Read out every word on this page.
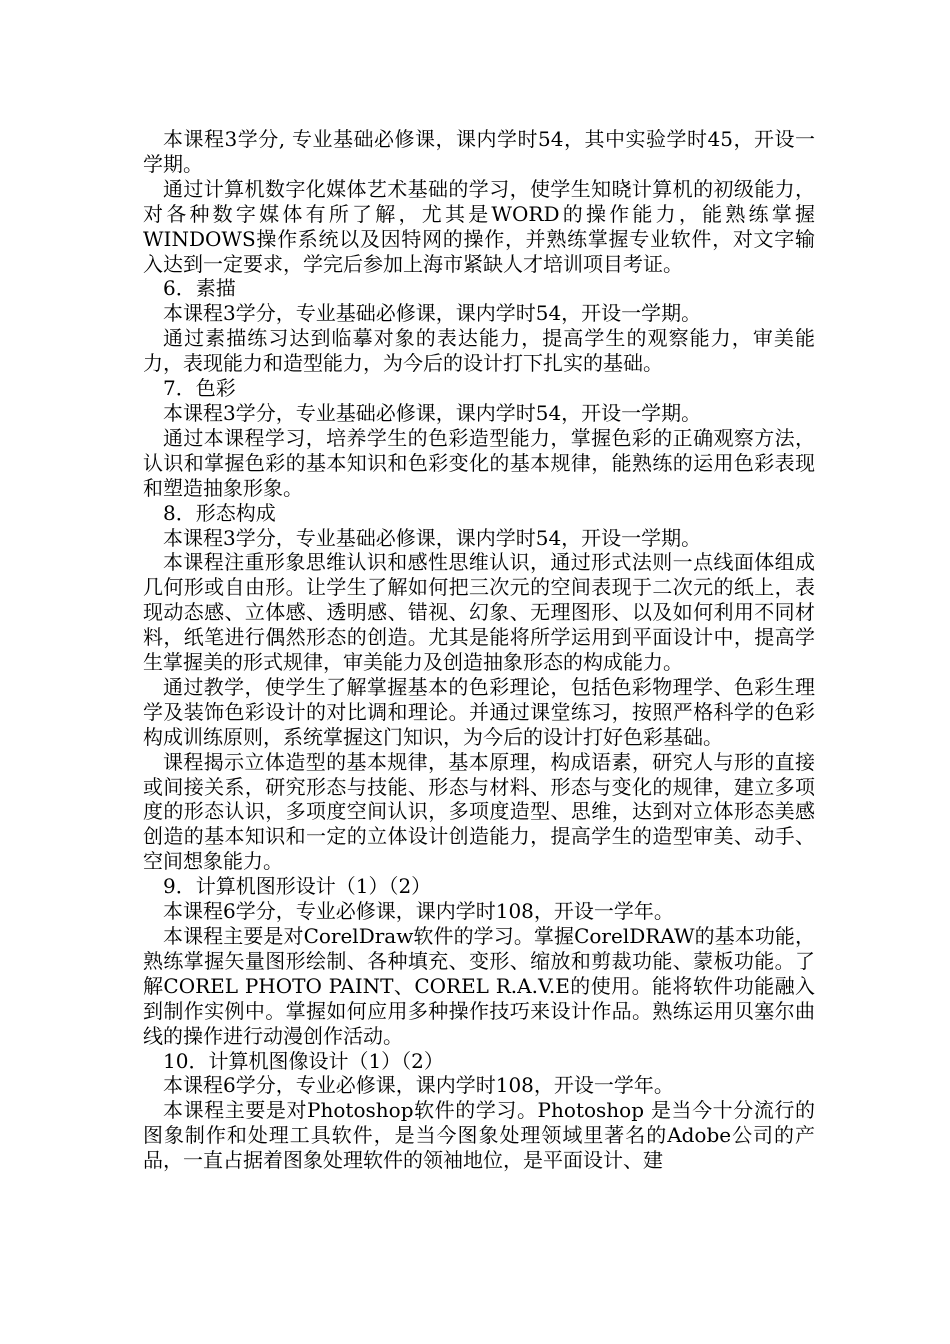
本课程3学分, 专业基础必修课，课内学时54，其中实验学时45，开设一学期。

通过计算机数字化媒体艺术基础的学习，使学生知晓计算机的初级能力，对各种数字媒体有所了解，尤其是WORD的操作能力，能熟练掌握WINDOWS操作系统以及因特网的操作，并熟练掌握专业软件，对文字输入达到一定要求，学完后参加上海市紧缺人才培训项目考证。

6．素描

本课程3学分，专业基础必修课，课内学时54，开设一学期。

通过素描练习达到临摹对象的表达能力，提高学生的观察能力，审美能力，表现能力和造型能力，为今后的设计打下扎实的基础。

7．色彩

本课程3学分，专业基础必修课，课内学时54，开设一学期。

通过本课程学习，培养学生的色彩造型能力，掌握色彩的正确观察方法，认识和掌握色彩的基本知识和色彩变化的基本规律，能熟练的运用色彩表现和塑造抽象形象。

8．形态构成

本课程3学分，专业基础必修课，课内学时54，开设一学期。

本课程注重形象思维认识和感性思维认识，通过形式法则一点线面体组成几何形或自由形。让学生了解如何把三次元的空间表现于二次元的纸上，表现动态感、立体感、透明感、错视、幻象、无理图形、以及如何利用不同材料，纸笔进行偶然形态的创造。尤其是能将所学运用到平面设计中，提高学生掌握美的形式规律，审美能力及创造抽象形态的构成能力。

通过教学，使学生了解掌握基本的色彩理论，包括色彩物理学、色彩生理学及装饰色彩设计的对比调和理论。并通过课堂练习，按照严格科学的色彩构成训练原则，系统掌握这门知识，为今后的设计打好色彩基础。

课程揭示立体造型的基本规律，基本原理，构成语素，研究人与形的直接或间接关系，研究形态与技能、形态与材料、形态与变化的规律，建立多项度的形态认识，多项度空间认识，多项度造型、思维，达到对立体形态美感创造的基本知识和一定的立体设计创造能力，提高学生的造型审美、动手、空间想象能力。

9．计算机图形设计（1）（2）

本课程6学分，专业必修课，课内学时108，开设一学年。

本课程主要是对CorelDraw软件的学习。掌握CorelDRAW的基本功能，熟练掌握矢量图形绘制、各种填充、变形、缩放和剪裁功能、蒙板功能。了解COREL PHOTO PAINT、COREL R.A.V.E的使用。能将软件功能融入到制作实例中。掌握如何应用多种操作技巧来设计作品。熟练运用贝塞尔曲线的操作进行动漫创作活动。

10．计算机图像设计（1）（2）

本课程6学分，专业必修课，课内学时108，开设一学年。

本课程主要是对Photoshop软件的学习。Photoshop 是当今十分流行的图象制作和处理工具软件，是当今图象处理领域里著名的Adobe公司的产品，一直占据着图象处理软件的领袖地位，是平面设计、建
